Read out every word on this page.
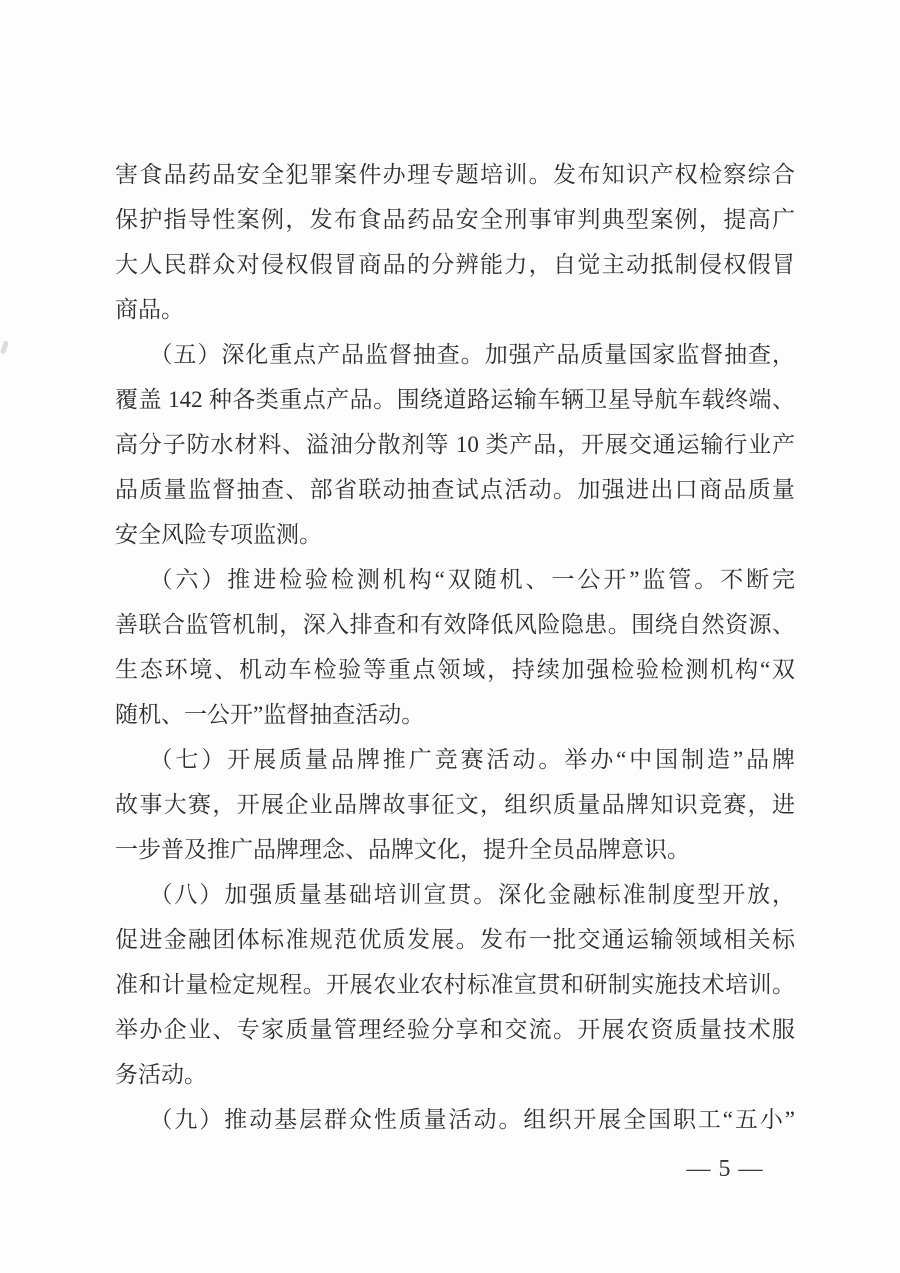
害食品药品安全犯罪案件办理专题培训。发布知识产权检察综合
保护指导性案例，发布食品药品安全刑事审判典型案例，提高广
大人民群众对侵权假冒商品的分辨能力，自觉主动抵制侵权假冒
商品。
（五）深化重点产品监督抽查。加强产品质量国家监督抽查，
覆盖 142 种各类重点产品。围绕道路运输车辆卫星导航车载终端、
高分子防水材料、溢油分散剂等 10 类产品，开展交通运输行业产
品质量监督抽查、部省联动抽查试点活动。加强进出口商品质量
安全风险专项监测。
（六）推进检验检测机构“双随机、一公开”监管。不断完
善联合监管机制，深入排查和有效降低风险隐患。围绕自然资源、
生态环境、机动车检验等重点领域，持续加强检验检测机构“双
随机、一公开”监督抽查活动。
（七）开展质量品牌推广竞赛活动。举办“中国制造”品牌
故事大赛，开展企业品牌故事征文，组织质量品牌知识竞赛，进
一步普及推广品牌理念、品牌文化，提升全员品牌意识。
（八）加强质量基础培训宣贯。深化金融标准制度型开放，
促进金融团体标准规范优质发展。发布一批交通运输领域相关标
准和计量检定规程。开展农业农村标准宣贯和研制实施技术培训。
举办企业、专家质量管理经验分享和交流。开展农资质量技术服
务活动。
（九）推动基层群众性质量活动。组织开展全国职工“五小”
— 5 —
